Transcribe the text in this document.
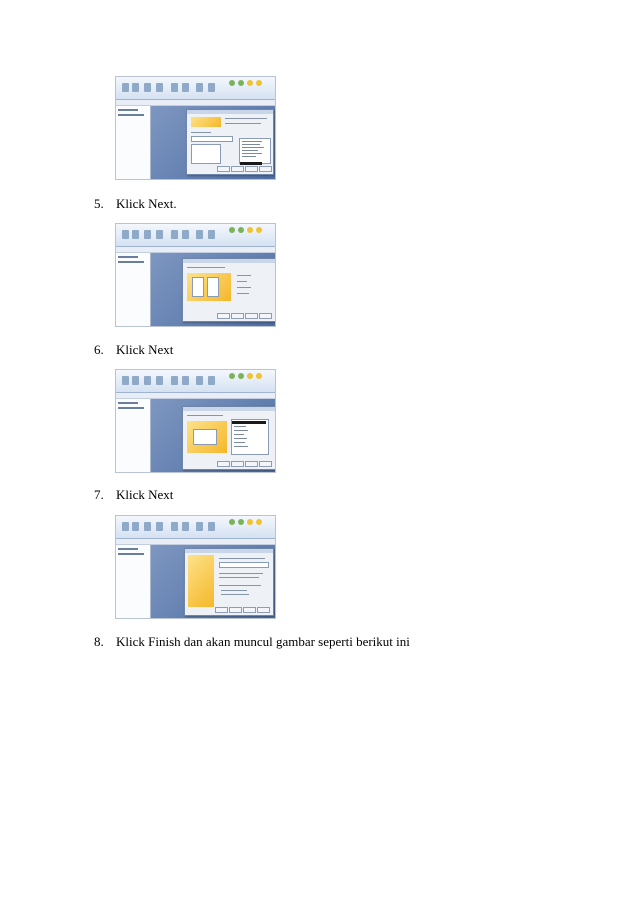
5. Klick Next.
6. Klick Next
7. Klick Next
8. Klick Finish dan akan muncul gambar seperti berikut ini
